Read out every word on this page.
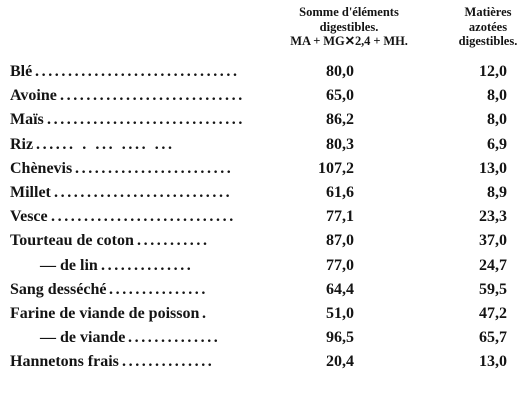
Somme d'éléments
digestibles.
MA + MG✕2,4 + MH.
Matières
azotées
digestibles.
Blé ...............................	80,0	12,0
Avoine ............................	65,0	8,0
Maïs ..............................	86,2	8,0
Riz ...... . ... .... ...	80,3	6,9
Chènevis ........................	107,2	13,0
Millet ...........................	61,6	8,9
Vesce ............................	77,1	23,3
Tourteau de coton ...........	87,0	37,0
— de lin ..............	77,0	24,7
Sang desséché ...............	64,4	59,5
Farine de viande de poisson .	51,0	47,2
— de viande ..............	96,5	65,7
Hannetons frais ..............	20,4	13,0
